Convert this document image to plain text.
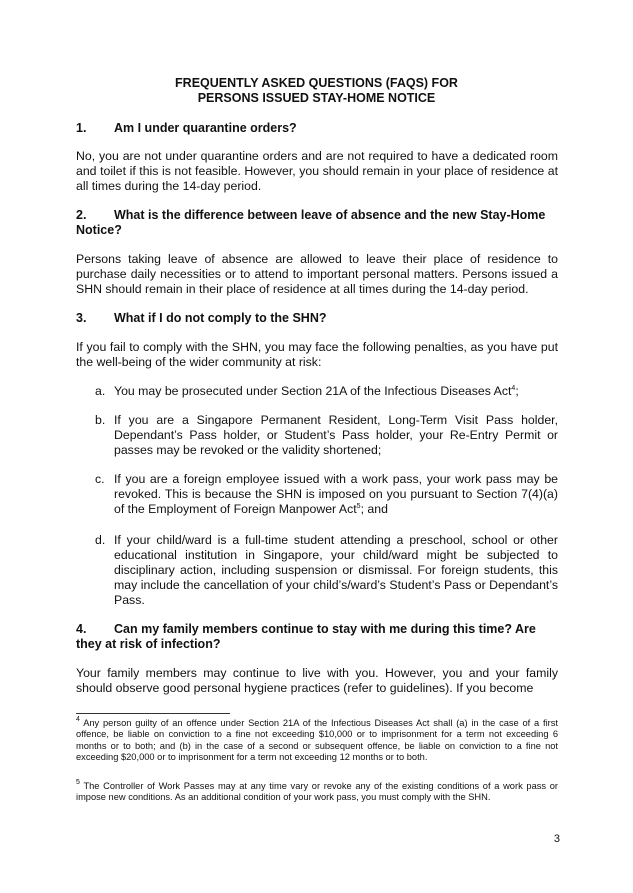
FREQUENTLY ASKED QUESTIONS (FAQS) FOR
PERSONS ISSUED STAY-HOME NOTICE
1. Am I under quarantine orders?
No, you are not under quarantine orders and are not required to have a dedicated room and toilet if this is not feasible. However, you should remain in your place of residence at all times during the 14-day period.
2. What is the difference between leave of absence and the new Stay-Home Notice?
Persons taking leave of absence are allowed to leave their place of residence to purchase daily necessities or to attend to important personal matters. Persons issued a SHN should remain in their place of residence at all times during the 14-day period.
3. What if I do not comply to the SHN?
If you fail to comply with the SHN, you may face the following penalties, as you have put the well-being of the wider community at risk:
a. You may be prosecuted under Section 21A of the Infectious Diseases Act$^4$;
b. If you are a Singapore Permanent Resident, Long-Term Visit Pass holder, Dependant’s Pass holder, or Student’s Pass holder, your Re-Entry Permit or passes may be revoked or the validity shortened;
c. If you are a foreign employee issued with a work pass, your work pass may be revoked. This is because the SHN is imposed on you pursuant to Section 7(4)(a) of the Employment of Foreign Manpower Act$^5$; and
d. If your child/ward is a full-time student attending a preschool, school or other educational institution in Singapore, your child/ward might be subjected to disciplinary action, including suspension or dismissal. For foreign students, this may include the cancellation of your child’s/ward’s Student’s Pass or Dependant’s Pass.
4. Can my family members continue to stay with me during this time? Are they at risk of infection?
Your family members may continue to live with you. However, you and your family should observe good personal hygiene practices (refer to guidelines). If you become
$^4$ Any person guilty of an offence under Section 21A of the Infectious Diseases Act shall (a) in the case of a first offence, be liable on conviction to a fine not exceeding $10,000 or to imprisonment for a term not exceeding 6 months or to both; and (b) in the case of a second or subsequent offence, be liable on conviction to a fine not exceeding $20,000 or to imprisonment for a term not exceeding 12 months or to both.
$^5$ The Controller of Work Passes may at any time vary or revoke any of the existing conditions of a work pass or impose new conditions. As an additional condition of your work pass, you must comply with the SHN.
3
